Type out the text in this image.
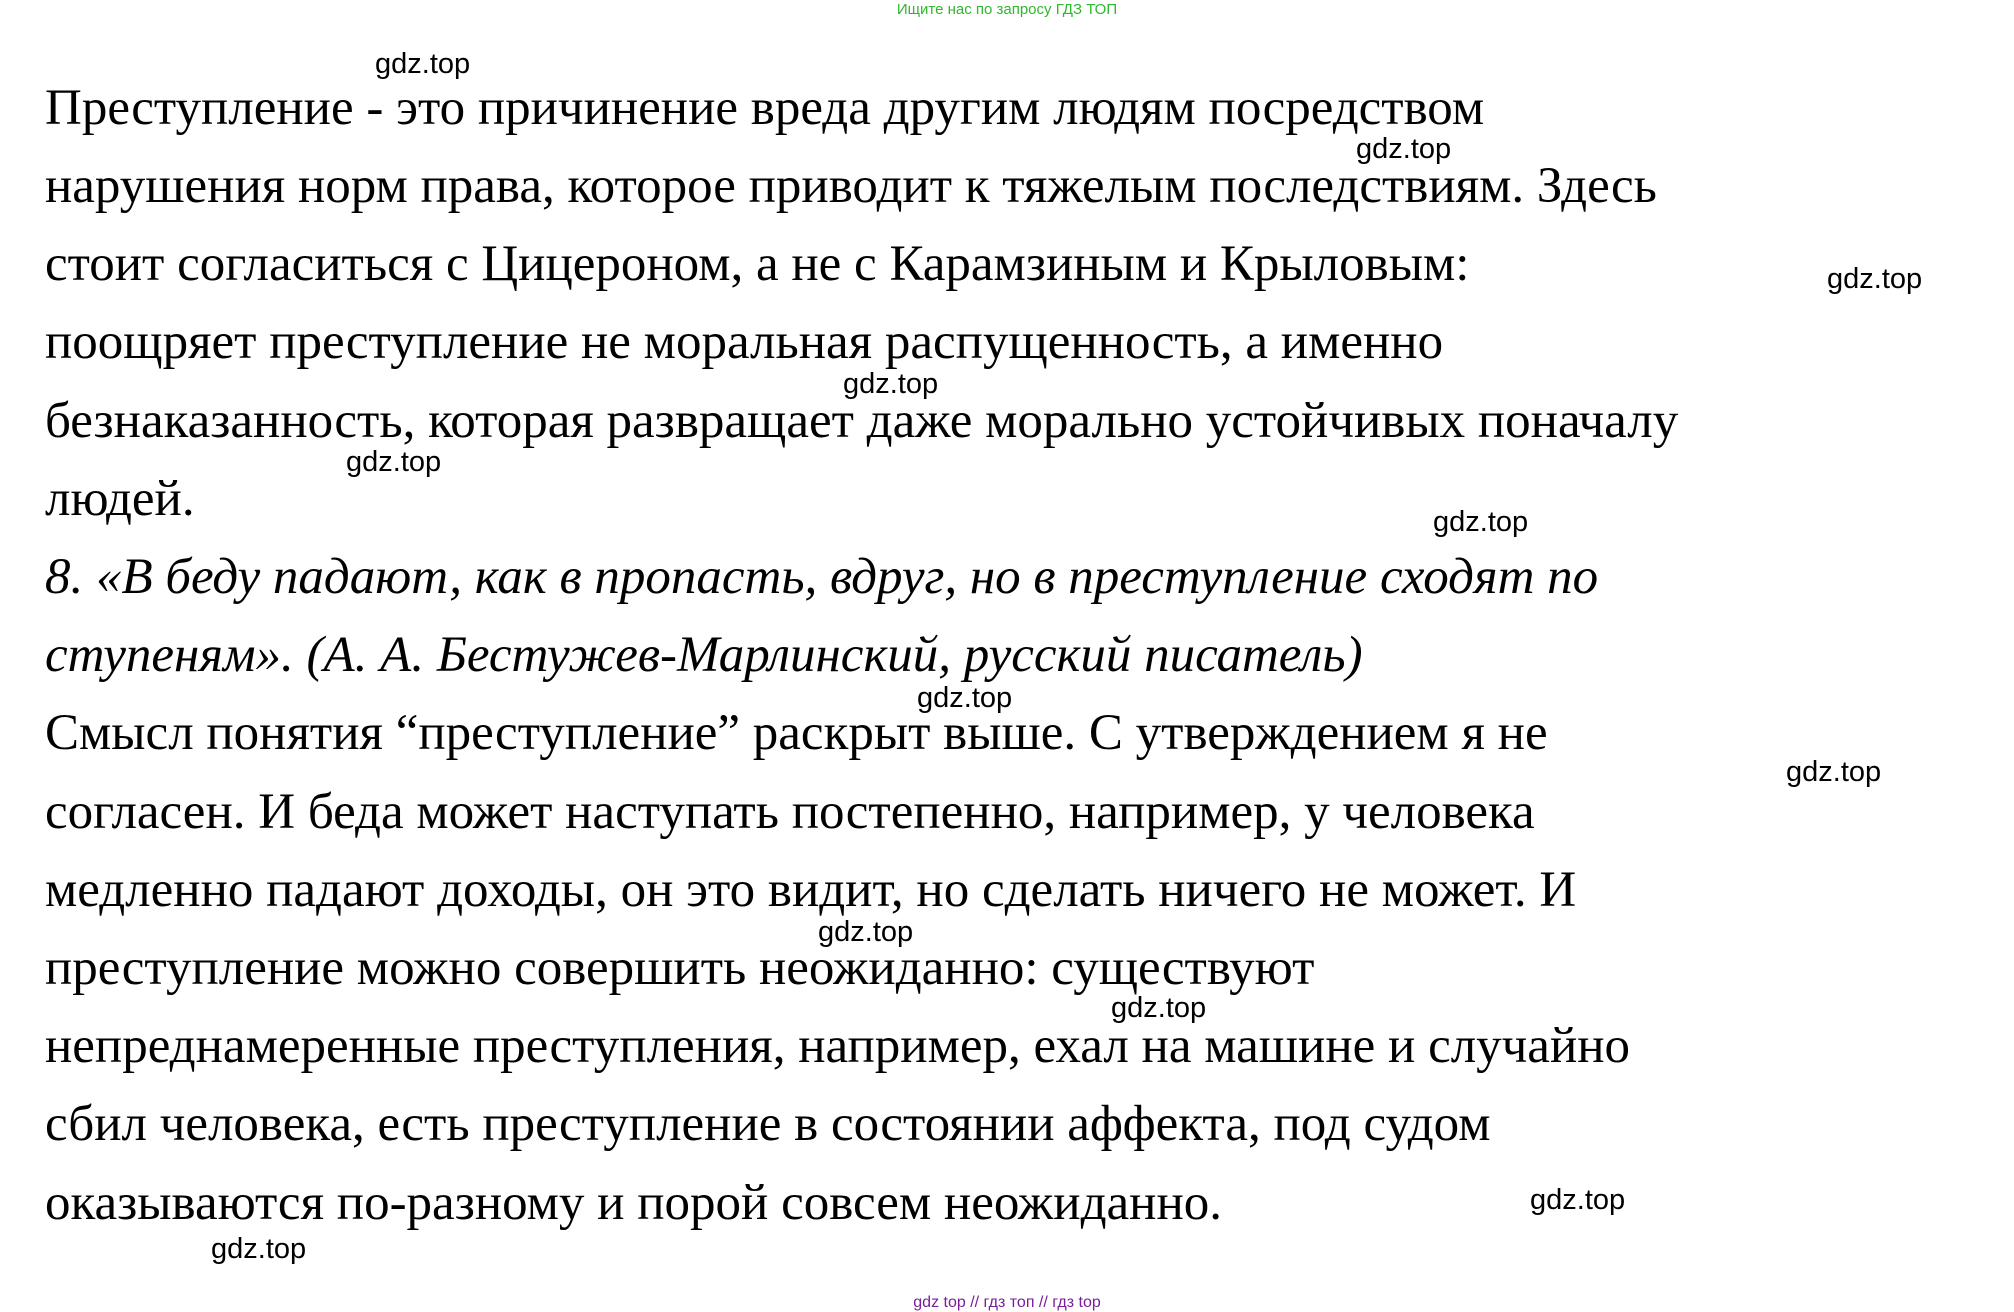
Ищите нас по запросу ГДЗ ТОП
Преступление - это причинение вреда другим людям посредством
нарушения норм права, которое приводит к тяжелым последствиям. Здесь
стоит согласиться с Цицероном, а не с Карамзиным и Крыловым:
поощряет преступление не моральная распущенность, а именно
безнаказанность, которая развращает даже морально устойчивых поначалу
людей.
8. «В беду падают, как в пропасть, вдруг, но в преступление сходят по
ступеням». (А. А. Бестужев-Марлинский, русский писатель)
Смысл понятия “преступление” раскрыт выше. С утверждением я не
согласен. И беда может наступать постепенно, например, у человека
медленно падают доходы, он это видит, но сделать ничего не может. И
преступление можно совершить неожиданно: существуют
непреднамеренные преступления, например, ехал на машине и случайно
сбил человека, есть преступление в состоянии аффекта, под судом
оказываются по-разному и порой совсем неожиданно.
gdz.top
gdz.top
gdz.top
gdz.top
gdz.top
gdz.top
gdz.top
gdz.top
gdz.top
gdz.top
gdz.top
gdz.top
gdz top // гдз топ // гдз top
